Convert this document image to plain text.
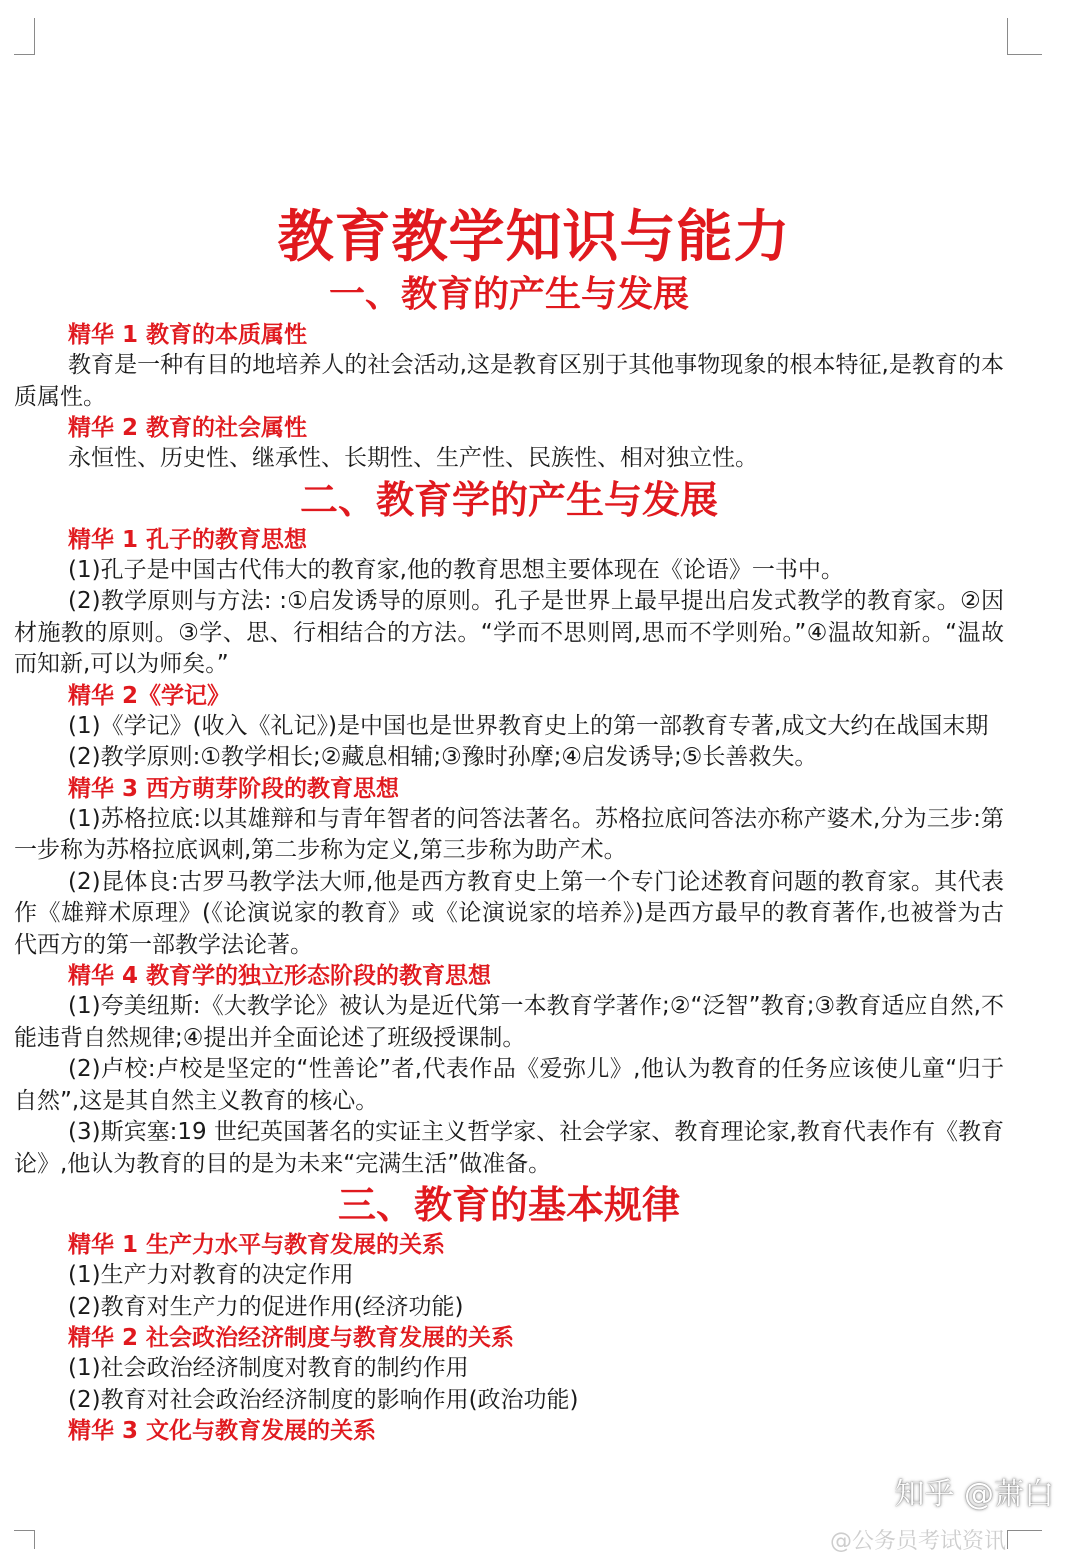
教育教学知识与能力
一、教育的产生与发展

精华 1 教育的本质属性

教育是一种有目的地培养人的社会活动,这是教育区别于其他事物现象的根本特征,是教育的本质属性。

精华 2 教育的社会属性

永恒性、历史性、继承性、长期性、生产性、民族性、相对独立性。

二、教育学的产生与发展

精华 1 孔子的教育思想

(1)孔子是中国古代伟大的教育家,他的教育思想主要体现在《论语》一书中。

(2)教学原则与方法: :①启发诱导的原则。孔子是世界上最早提出启发式教学的教育家。②因材施教的原则。③学、思、行相结合的方法。“学而不思则罔,思而不学则殆。”④温故知新。“温故而知新,可以为师矣。”

精华 2《学记》

(1)《学记》(收入《礼记》)是中国也是世界教育史上的第一部教育专著,成文大约在战国末期

(2)教学原则:①教学相长;②藏息相辅;③豫时孙摩;④启发诱导;⑤长善救失。

精华 3 西方萌芽阶段的教育思想

(1)苏格拉底:以其雄辩和与青年智者的问答法著名。苏格拉底问答法亦称产婆术,分为三步:第一步称为苏格拉底讽刺,第二步称为定义,第三步称为助产术。

(2)昆体良:古罗马教学法大师,他是西方教育史上第一个专门论述教育问题的教育家。其代表作《雄辩术原理》(《论演说家的教育》或《论演说家的培养》)是西方最早的教育著作,也被誉为古代西方的第一部教学法论著。

精华 4 教育学的独立形态阶段的教育思想

(1)夸美纽斯:《大教学论》被认为是近代第一本教育学著作;②“泛智”教育;③教育适应自然,不能违背自然规律;④提出并全面论述了班级授课制。

(2)卢校:卢校是坚定的“性善论”者,代表作品《爱弥儿》,他认为教育的任务应该使儿童“归于自然”,这是其自然主义教育的核心。

(3)斯宾塞:19 世纪英国著名的实证主义哲学家、社会学家、教育理论家,教育代表作有《教育论》,他认为教育的目的是为未来“完满生活”做准备。

三、教育的基本规律

精华 1 生产力水平与教育发展的关系

(1)生产力对教育的决定作用

(2)教育对生产力的促进作用(经济功能)

精华 2 社会政治经济制度与教育发展的关系

(1)社会政治经济制度对教育的制约作用

(2)教育对社会政治经济制度的影响作用(政治功能)

精华 3 文化与教育发展的关系

知乎 @萧白
@公务员考试资讯
